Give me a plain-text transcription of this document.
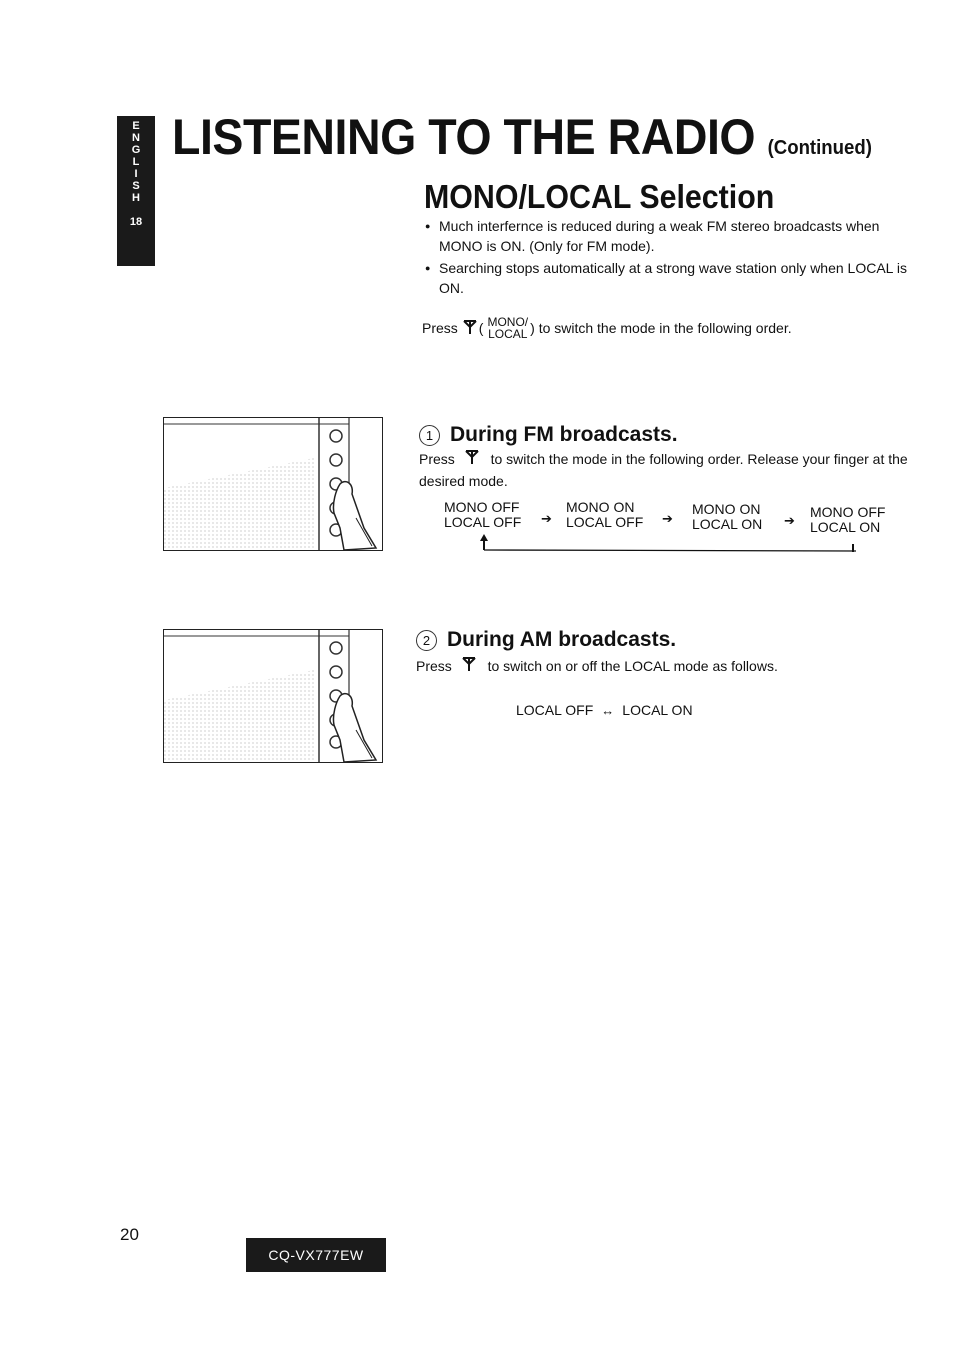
E
N
G
L
I
S
H
18
LISTENING TO THE RADIO (Continued)
MONO/LOCAL Selection
● Much interfernce is reduced during a weak FM stereo broadcasts when MONO is ON. (Only for FM mode).
● Searching stops automatically at a strong wave station only when LOCAL is ON.
Press ( MONO/
LOCAL ) to switch the mode in the following order.
1 During FM broadcasts.
Press	to switch the mode in the following order. Release your finger at the desired mode.
MONO OFF
LOCAL OFF ➔
MONO ON
LOCAL OFF ➔
MONO ON
LOCAL ON ➔
MONO OFF
LOCAL ON
2 During AM broadcasts.
Press	to switch on or off the LOCAL mode as follows.
LOCAL OFF ↔ LOCAL ON
20
CQ-VX777EW
